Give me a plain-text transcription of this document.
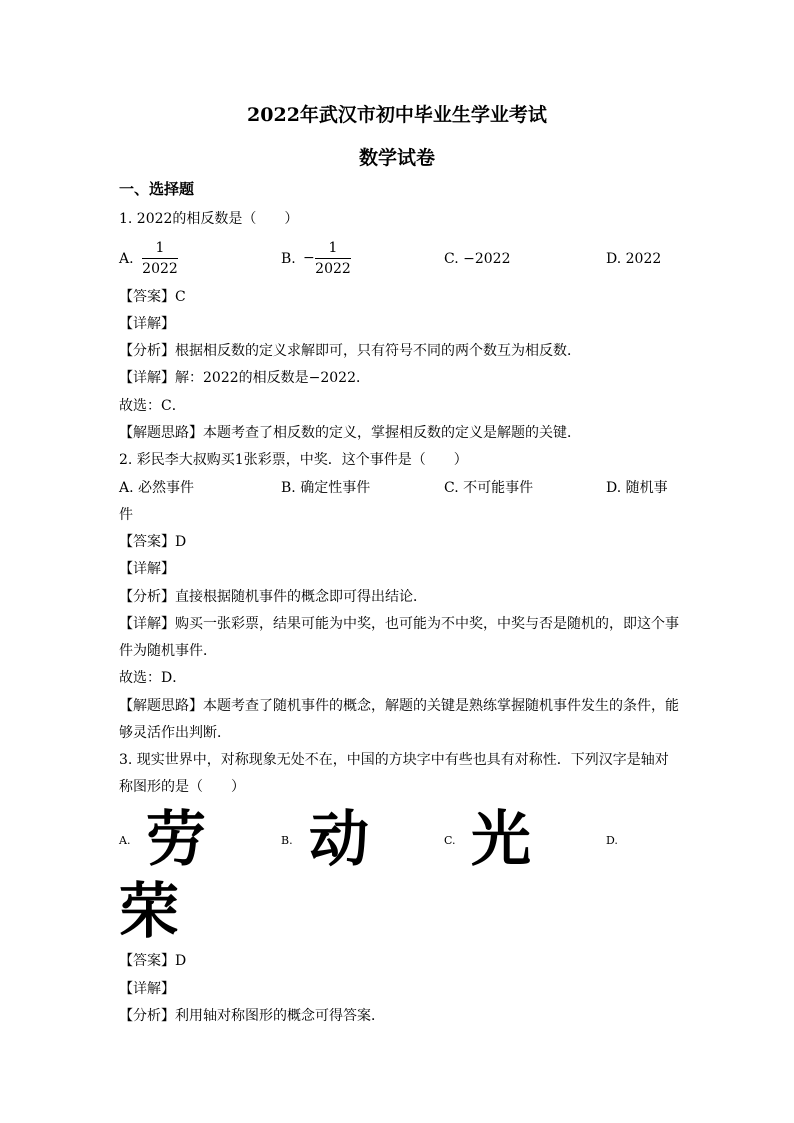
2022年武汉市初中毕业生学业考试
数学试卷
一、选择题
1. 2022的相反数是（　　）
A.
1
2022
B. −
1
2022
C. −2022	D. 2022
【答案】C
【详解】
【分析】根据相反数的定义求解即可，只有符号不同的两个数互为相反数．
【详解】解：2022的相反数是−2022．
故选：C．
【解题思路】本题考查了相反数的定义，掌握相反数的定义是解题的关键．
2. 彩民李大叔购买1张彩票，中奖．这个事件是（　　）
A. 必然事件	B. 确定性事件	C. 不可能事件	D. 随机事
件
【答案】D
【详解】
【分析】直接根据随机事件的概念即可得出结论．
【详解】购买一张彩票，结果可能为中奖，也可能为不中奖，中奖与否是随机的，即这个事
件为随机事件．
故选：D．
【解题思路】本题考查了随机事件的概念，解题的关键是熟练掌握随机事件发生的条件，能
够灵活作出判断．
3. 现实世界中，对称现象无处不在，中国的方块字中有些也具有对称性．下列汉字是轴对
称图形的是（　　）
A. 劳	B. 动	C. 光	D.
荣
【答案】D
【详解】
【分析】利用轴对称图形的概念可得答案．
